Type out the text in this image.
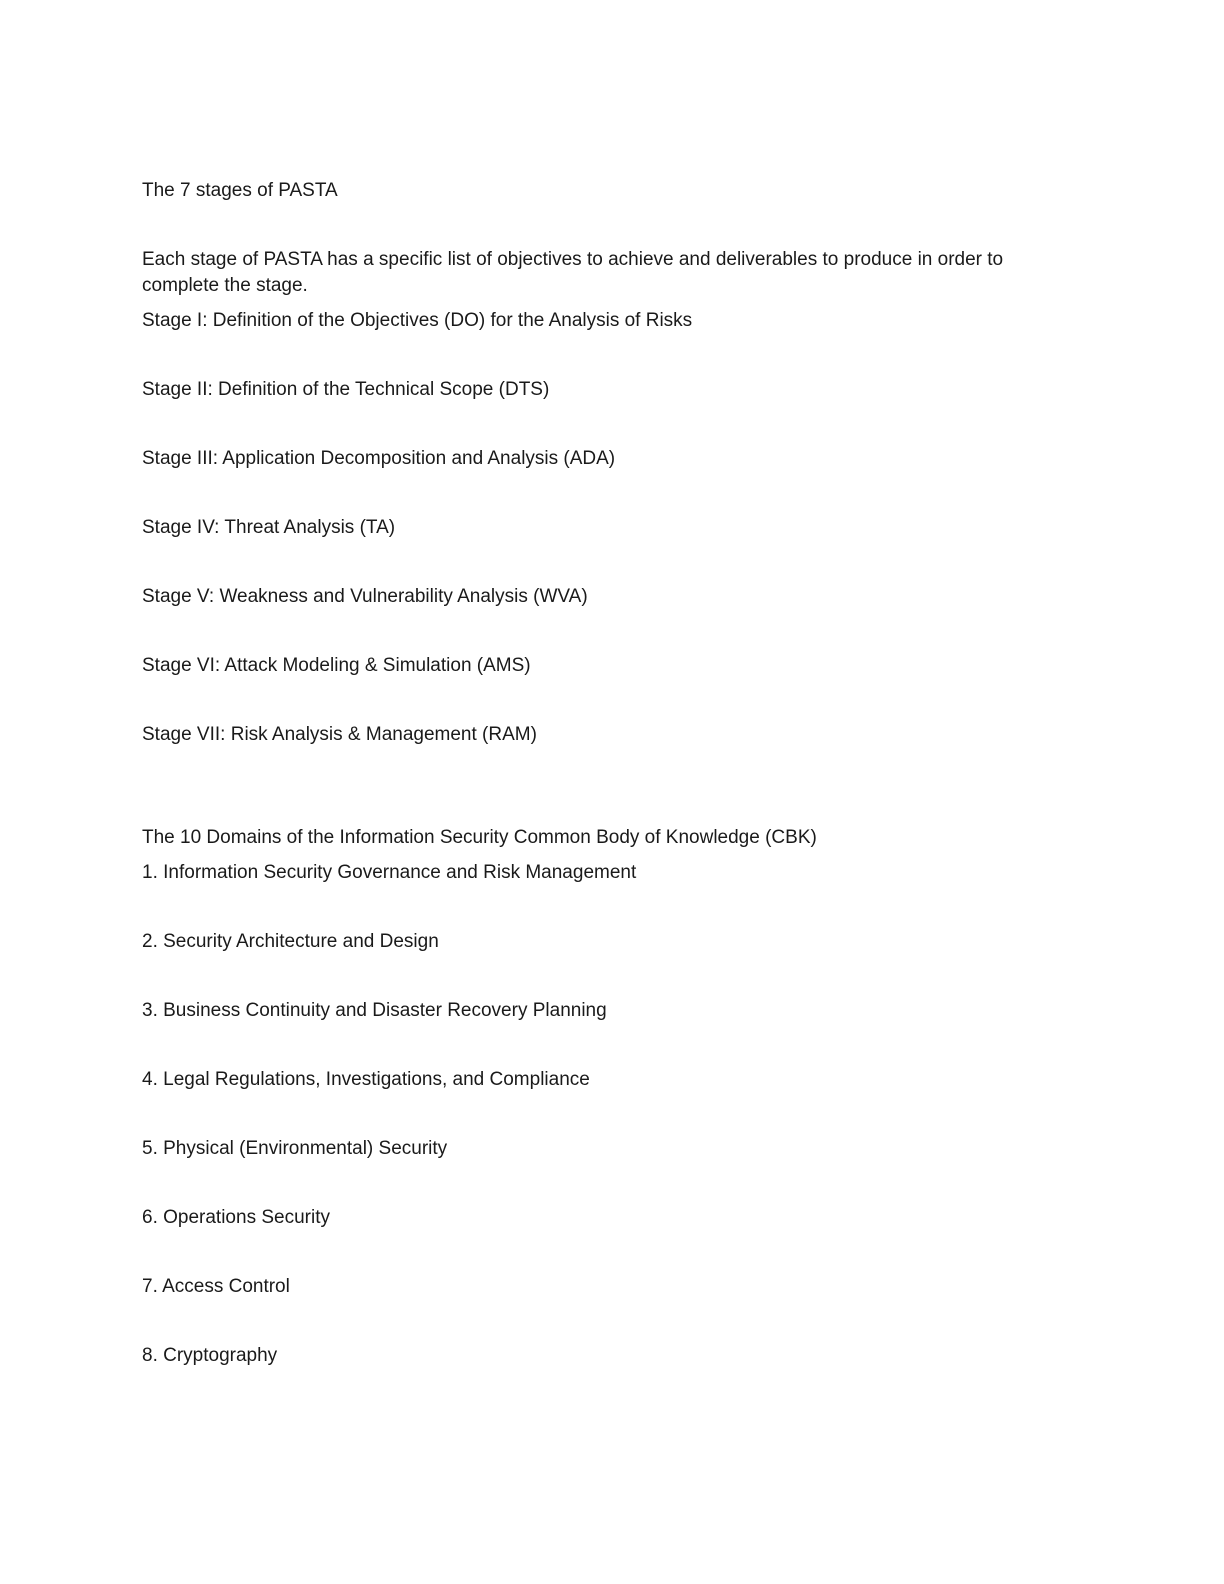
The 7 stages of PASTA

Each stage of PASTA has a specific list of objectives to achieve and deliverables to produce in order to complete the stage.

Stage I: Definition of the Objectives (DO) for the Analysis of Risks

Stage II: Definition of the Technical Scope (DTS)

Stage III: Application Decomposition and Analysis (ADA)

Stage IV: Threat Analysis (TA)

Stage V: Weakness and Vulnerability Analysis (WVA)

Stage VI: Attack Modeling & Simulation (AMS)

Stage VII: Risk Analysis & Management (RAM)

The 10 Domains of the Information Security Common Body of Knowledge (CBK)

1. Information Security Governance and Risk Management

2. Security Architecture and Design

3. Business Continuity and Disaster Recovery Planning

4. Legal Regulations, Investigations, and Compliance

5. Physical (Environmental) Security

6. Operations Security

7. Access Control

8. Cryptography
